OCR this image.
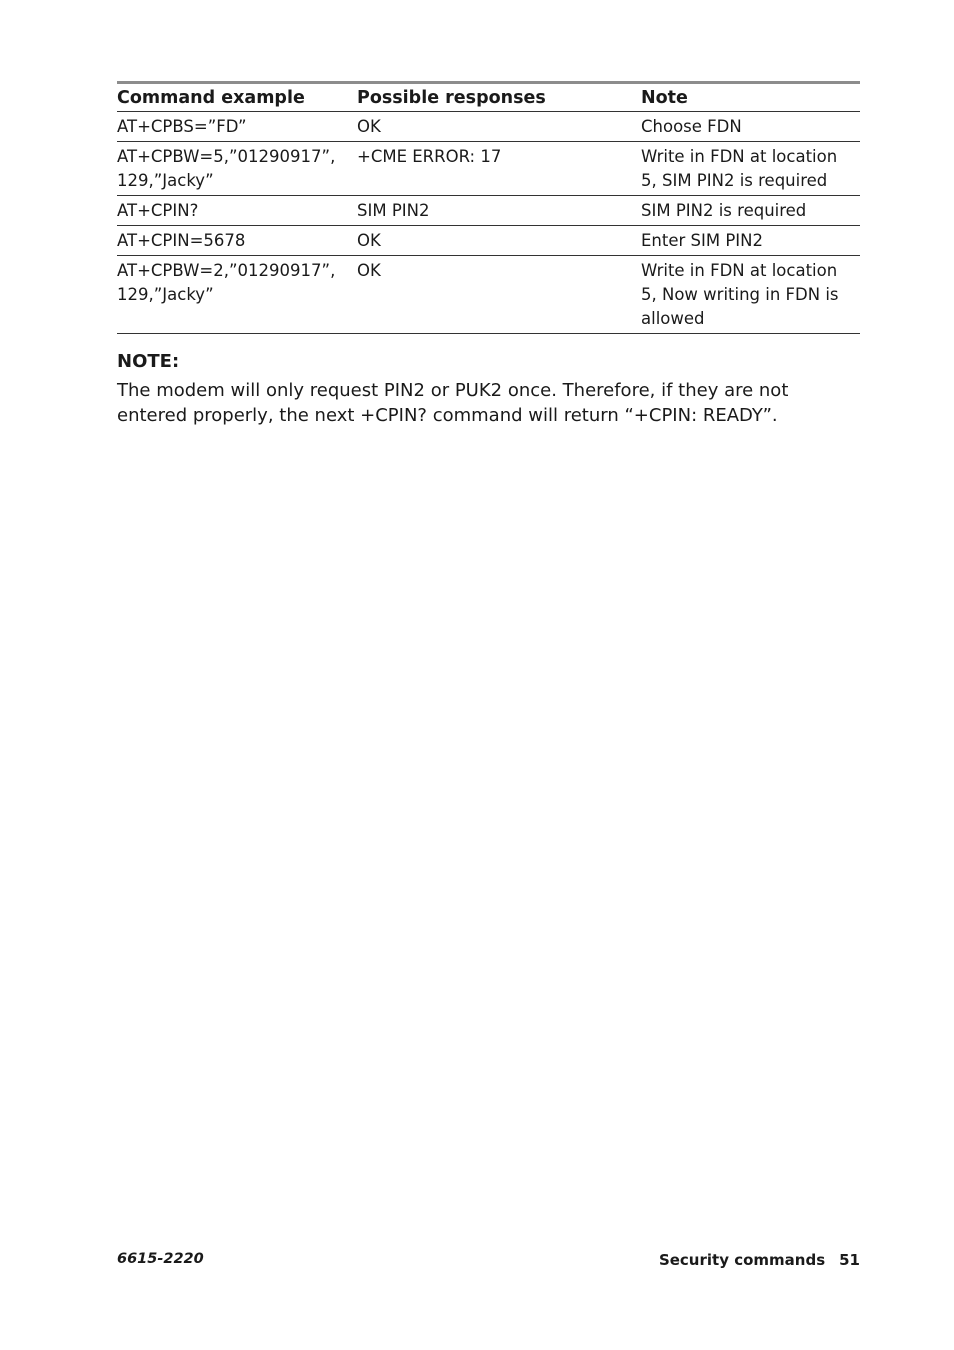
Command example	Possible responses	Note
AT+CPBS=”FD”	OK	Choose FDN
AT+CPBW=5,”01290917”,
129,”Jacky”	+CME ERROR: 17	Write in FDN at location
5, SIM PIN2 is required
AT+CPIN?	SIM PIN2	SIM PIN2 is required
AT+CPIN=5678	OK	Enter SIM PIN2
AT+CPBW=2,”01290917”,
129,”Jacky”	OK	Write in FDN at location
5, Now writing in FDN is
allowed
NOTE:
The modem will only request PIN2 or PUK2 once. Therefore, if they are not entered properly, the next +CPIN? command will return “+CPIN: READY”.
6615-2220	Security commands 51
